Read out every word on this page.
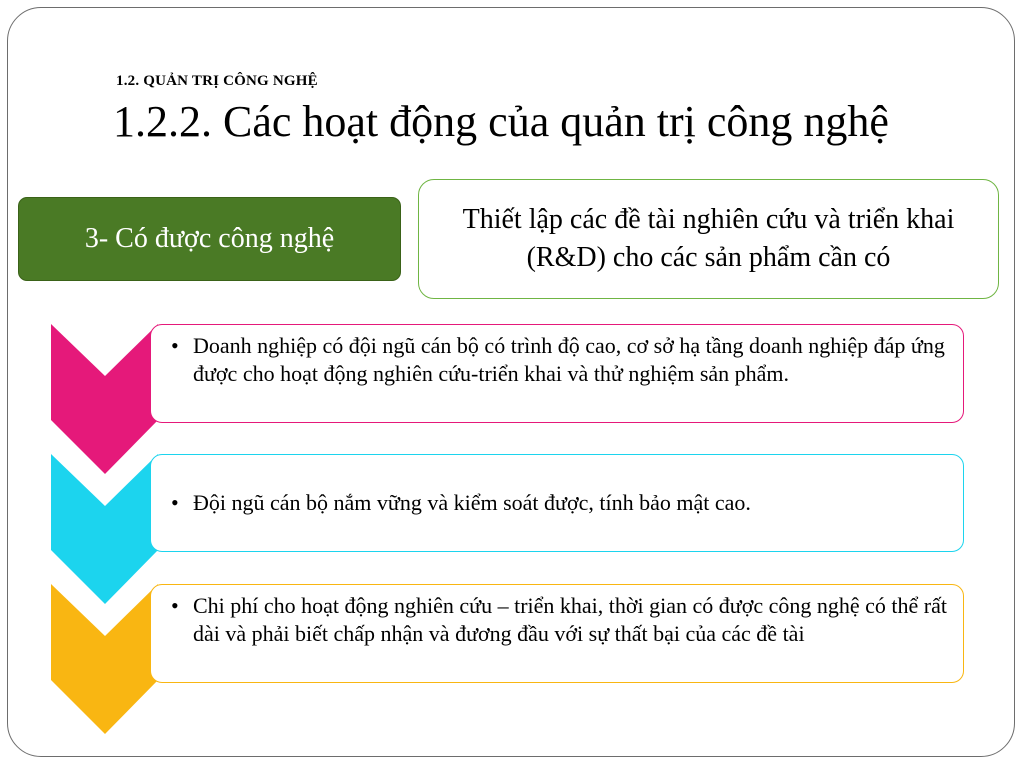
1.2. QUẢN TRỊ CÔNG NGHỆ
1.2.2. Các hoạt động của quản trị công nghệ
3- Có được công nghệ
Thiết lập các đề tài nghiên cứu và triển khai (R&D) cho các sản phẩm cần có
• Doanh nghiệp có đội ngũ cán bộ có trình độ cao, cơ sở hạ tầng doanh nghiệp đáp ứng được cho hoạt động nghiên cứu-triển khai và thử nghiệm sản phẩm.
• Đội ngũ cán bộ nắm vững và kiểm soát được, tính bảo mật cao.
• Chi phí cho hoạt động nghiên cứu – triển khai, thời gian có được công nghệ có thể rất dài và phải biết chấp nhận và đương đầu với sự thất bại của các đề tài
